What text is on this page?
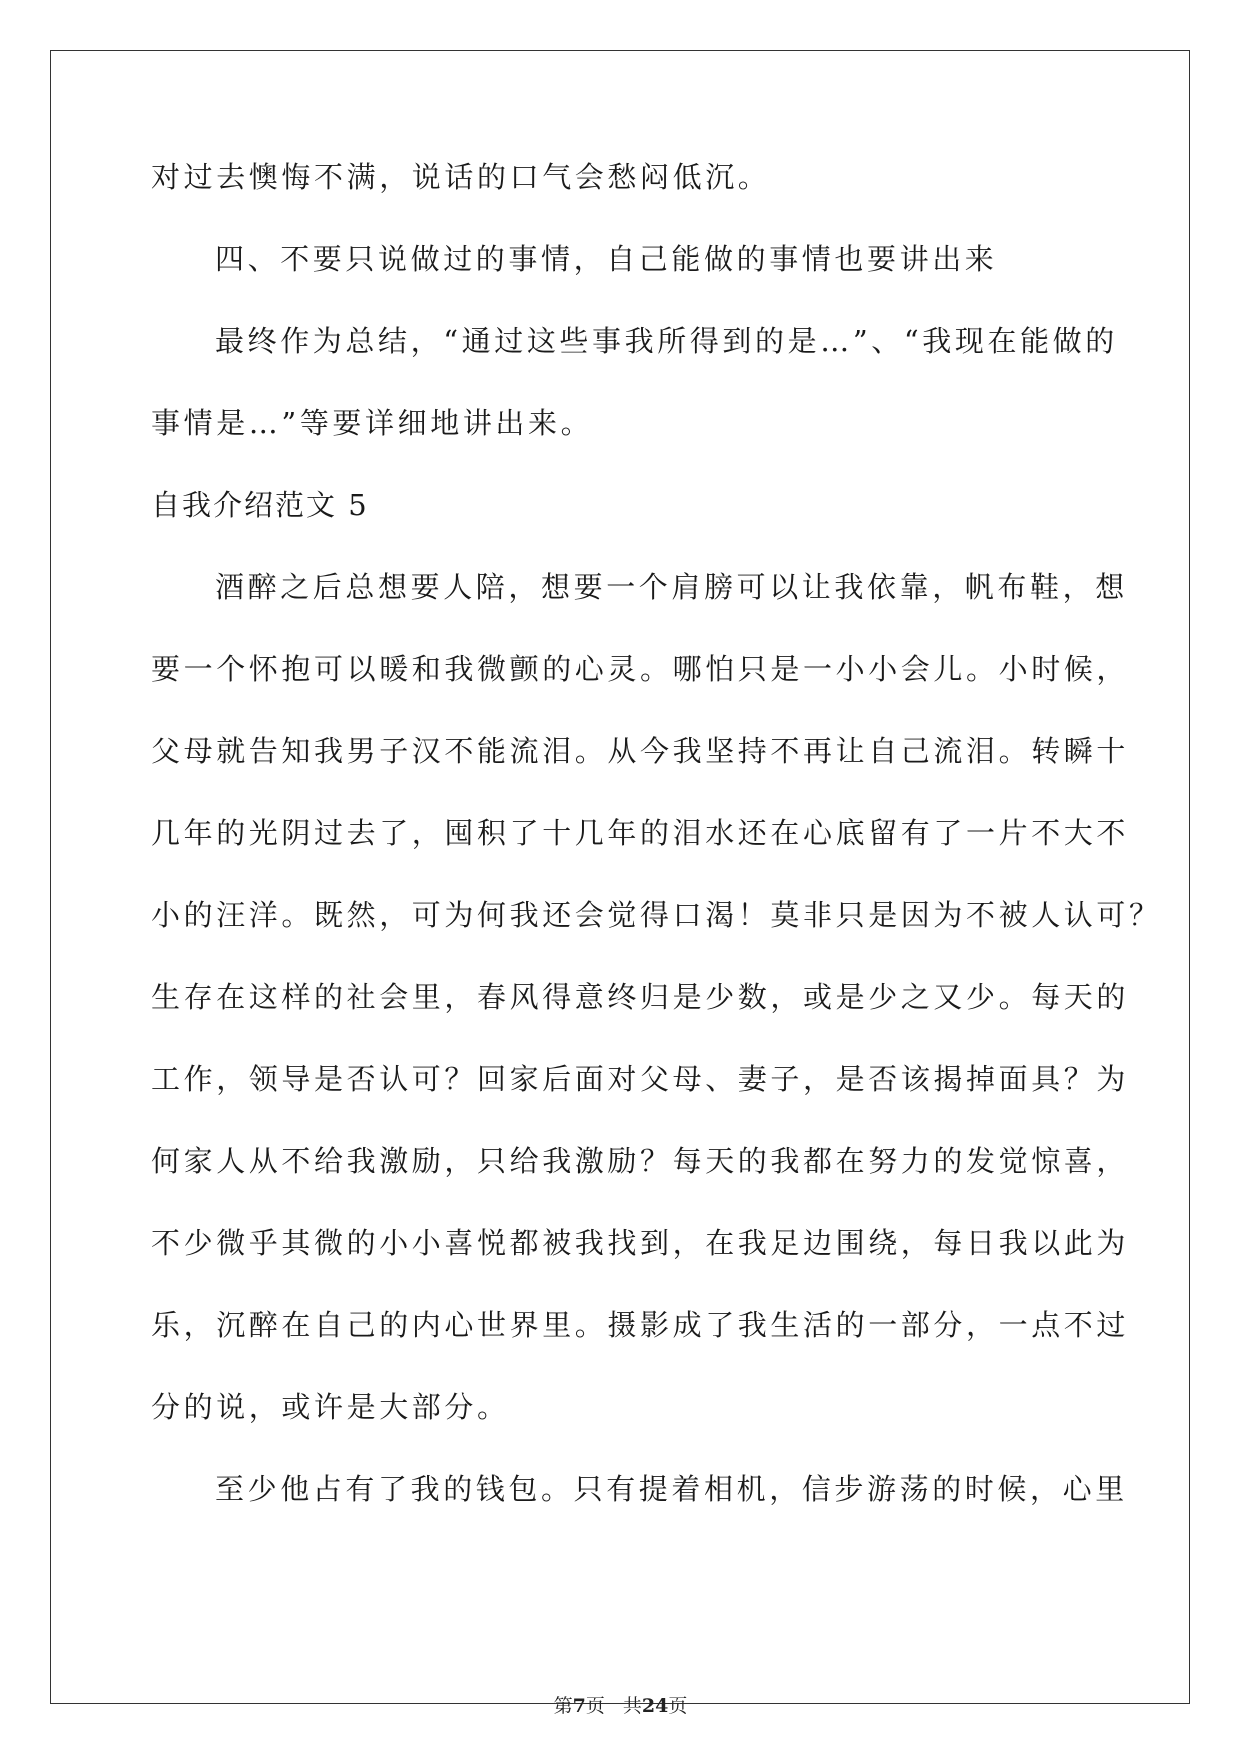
对过去懊悔不满，说话的口气会愁闷低沉。
四、不要只说做过的事情，自己能做的事情也要讲出来
最终作为总结，“通过这些事我所得到的是…”、“我现在能做的
事情是…”等要详细地讲出来。
自我介绍范文 5
酒醉之后总想要人陪，想要一个肩膀可以让我依靠，帆布鞋，想
要一个怀抱可以暖和我微颤的心灵。哪怕只是一小小会儿。小时候，
父母就告知我男子汉不能流泪。从今我坚持不再让自己流泪。转瞬十
几年的光阴过去了，囤积了十几年的泪水还在心底留有了一片不大不
小的汪洋。既然，可为何我还会觉得口渴！莫非只是因为不被人认可？
生存在这样的社会里，春风得意终归是少数，或是少之又少。每天的
工作，领导是否认可？回家后面对父母、妻子，是否该揭掉面具？为
何家人从不给我激励，只给我激励？每天的我都在努力的发觉惊喜，
不少微乎其微的小小喜悦都被我找到，在我足边围绕，每日我以此为
乐，沉醉在自己的内心世界里。摄影成了我生活的一部分，一点不过
分的说，或许是大部分。
至少他占有了我的钱包。只有提着相机，信步游荡的时候，心里
第7页 共24页
